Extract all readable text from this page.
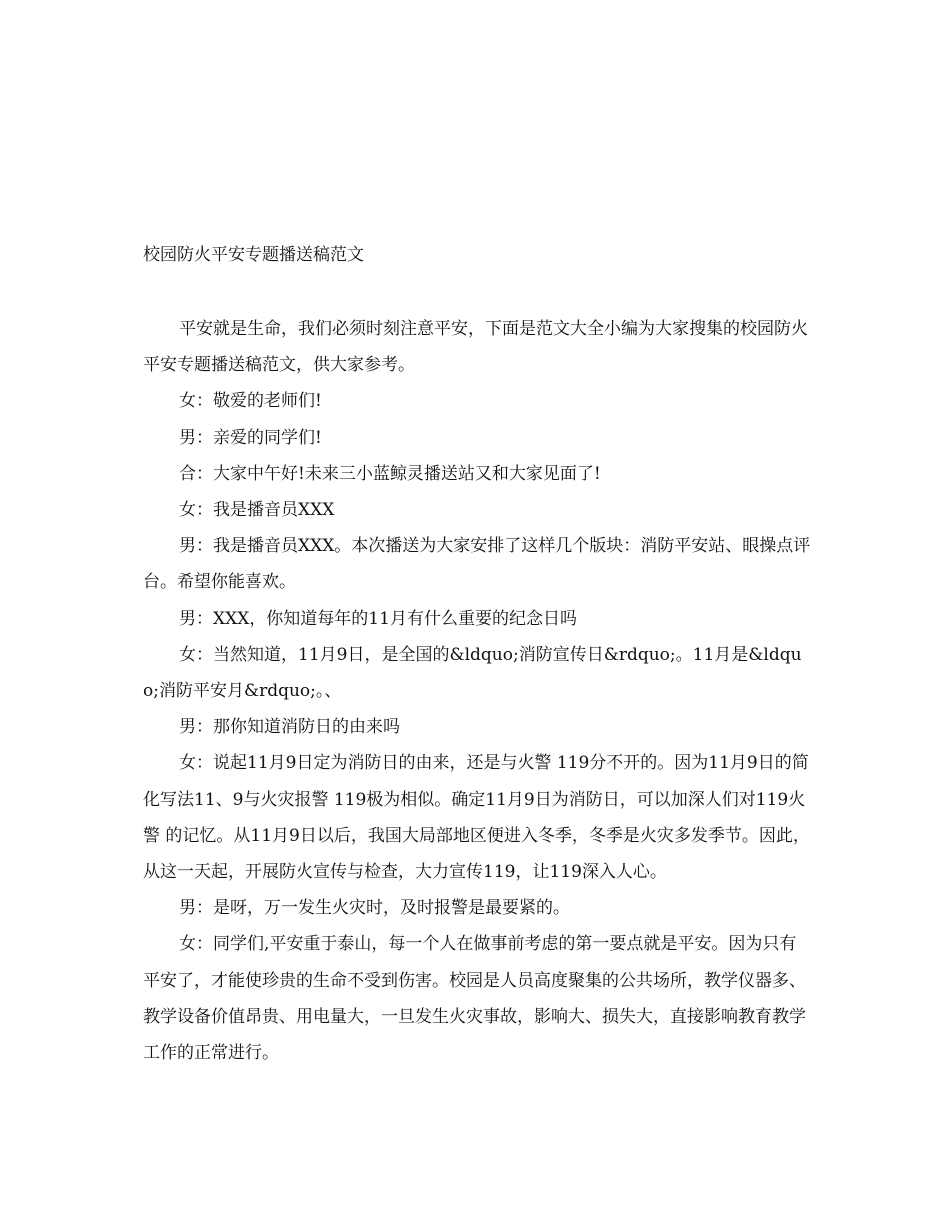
校园防火平安专题播送稿范文

平安就是生命，我们必须时刻注意平安，下面是范文大全小编为大家搜集的校园防火平安专题播送稿范文，供大家参考。

女：敬爱的老师们!

男：亲爱的同学们!

合：大家中午好!未来三小蓝鲸灵播送站又和大家见面了!

女：我是播音员XXX

男：我是播音员XXX。本次播送为大家安排了这样几个版块：消防平安站、眼操点评台。希望你能喜欢。

男：XXX，你知道每年的11月有什么重要的纪念日吗

女：当然知道，11月9日，是全国的&ldquo;消防宣传日&rdquo;。11月是&ldquo;消防平安月&rdquo;。、

男：那你知道消防日的由来吗

女：说起11月9日定为消防日的由来，还是与火警 119分不开的。因为11月9日的简化写法11、9与火灾报警 119极为相似。确定11月9日为消防日，可以加深人们对119火警 的记忆。从11月9日以后，我国大局部地区便进入冬季，冬季是火灾多发季节。因此，从这一天起，开展防火宣传与检查，大力宣传119，让119深入人心。

男：是呀，万一发生火灾时，及时报警是最要紧的。

女：同学们,平安重于泰山，每一个人在做事前考虑的第一要点就是平安。因为只有平安了，才能使珍贵的生命不受到伤害。校园是人员高度聚集的公共场所，教学仪器多、教学设备价值昂贵、用电量大，一旦发生火灾事故，影响大、损失大，直接影响教育教学工作的正常进行。
